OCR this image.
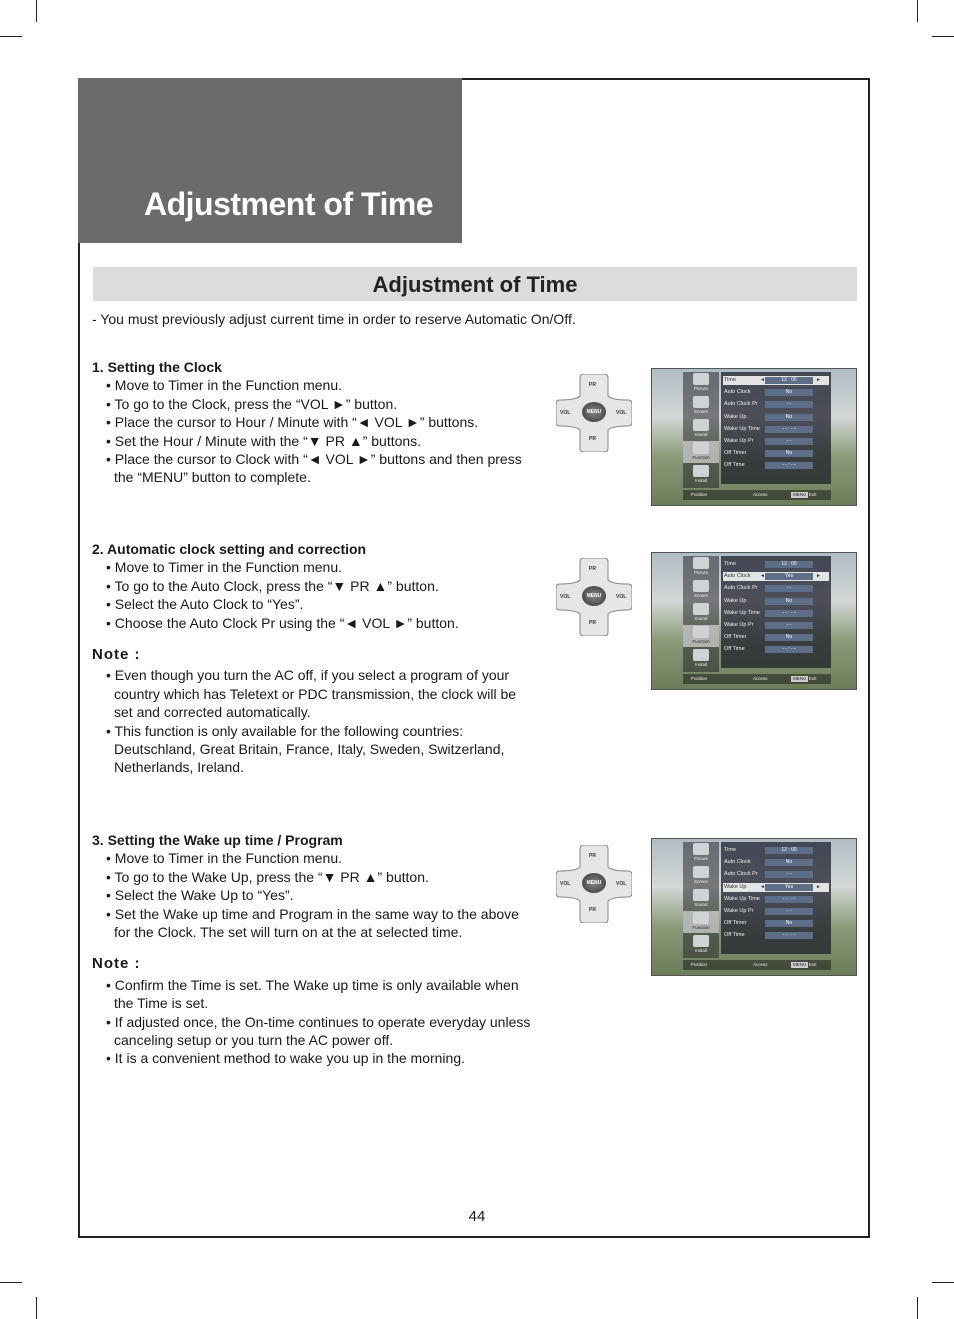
Adjustment of Time
Adjustment of Time
- You must previously adjust current time in order to reserve Automatic On/Off.
1. Setting the Clock
• Move to Timer in the Function menu.
• To go to the Clock, press the “VOL ►” button.
• Place the cursor to Hour / Minute with “◄ VOL ►” buttons.
• Set the Hour / Minute with the “▼ PR ▲” buttons.
• Place the cursor to Clock with “◄ VOL ►” buttons and then press the “MENU” button to complete.
2. Automatic clock setting and correction
• Move to Timer in the Function menu.
• To go to the Auto Clock, press the “▼ PR ▲” button.
• Select the Auto Clock to “Yes”.
• Choose the Auto Clock Pr using the “◄ VOL ►” button.
Note :
• Even though you turn the AC off, if you select a program of your country which has Teletext or PDC transmission, the clock will be set and corrected automatically.
• This function is only available for the following countries: Deutschland, Great Britain, France, Italy, Sweden, Switzerland, Netherlands, Ireland.
3. Setting the Wake up time / Program
• Move to Timer in the Function menu.
• To go to the Wake Up, press the “▼ PR ▲” button.
• Select the Wake Up to “Yes”.
• Set the Wake up time and Program in the same way to the above for the Clock. The set will turn on at the at selected time.
Note :
• Confirm the Time is set. The Wake up time is only available when the Time is set.
• If adjusted once, the On-time continues to operate everyday unless canceling setup or you turn the AC power off.
• It is a convenient method to wake you up in the morning.
PR
PR
VOL	VOL
MENU
PR
PR
VOL	VOL
MENU
PR
PR
VOL	VOL
MENU
Picture
Screen
Sound
Function
Install
Time	12 : 00
◄	►
Auto Clock	No
Auto Clock Pr	- -
Wake Up	No
Wake Up Time	- - : - -
Wake Up Pr	- -
Off Timer	No
Off Time	- - : - -
Position	Access	MENU Exit
Picture
Screen
Sound
Function
Install
Time	12 : 00
Auto Clock	Yes
◄	►
Auto Clock Pr	- -
Wake Up	No
Wake Up Time	- - : - -
Wake Up Pr	- -
Off Timer	No
Off Time	- - : - -
Position	Access	MENU Exit
Picture
Screen
Sound
Function
Install
Time	12 : 00
Auto Clock	No
Auto Clock Pr	- -
Wake Up	Yes
◄	►
Wake Up Time	- - : - -
Wake Up Pr	- -
Off Timer	No
Off Time	- - : - -
Position	Access	MENU Exit
44
